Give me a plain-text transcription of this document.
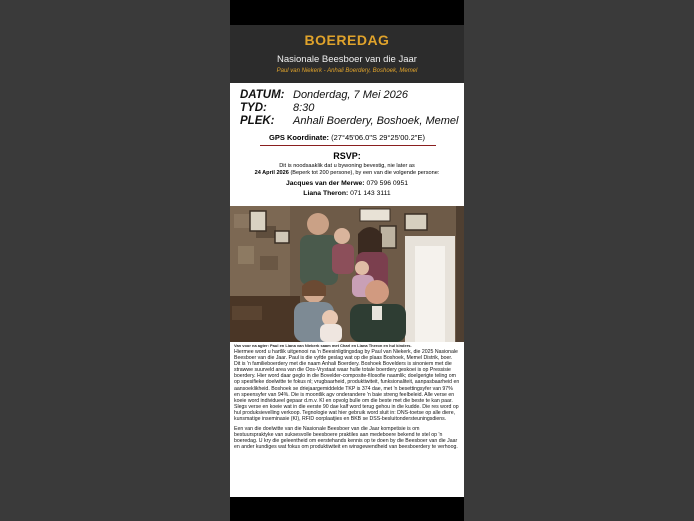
BOEREDAG
Nasionale Beesboer van die Jaar
Paul van Niekerk - Anhali Boerdery, Boshoek, Memel
DATUM: Donderdag, 7 Mei 2026
TYD:	8:30
PLEK:	Anhali Boerdery, Boshoek, Memel
GPS Koordinate: (27°45'06.0"S 29°25'00.2"E)
RSVP:
Dit is noodsaaklik dat u bywoning bevestig, nie later as
24 April 2026 (Beperk tot 200 persone), by een van die volgende persone:
Jacques van der Merwe: 079 596 0951
Liana Theron: 071 143 3111
Van voor na agter: Paul en Liana van Niekerk saam met Charl en Liana Theron en hul kinders.

Hiermee word u hartlik uitgenooi na 'n Beesinligtingsdag by Paul van Niekerk, die 2025 Nasionale Beesboer van die Jaar. Paul is die vyfde geslag wat op die plaas Boshoek, Memel Distrik, boer. Dit is 'n familieboerdery met die naam Anhali Boerdery. Boshoek Bovelders is sinoniem met die strawwe suurveld area van die Oos-Vrystaat waar hulle totale boerdery geskoei is op Pressisie boerdery. Hier word daar geglo in die Bovelder-composite-filosofie naamlik; doelgerigte teling om op spesifieke doelwitte te fokus nl; vrugbaarheid, produktiwiteit, funksionaliteit, aanpasbaarheid en aansoeklikheid. Boshoek se driejaargemiddelde TKP is 374 dae, met 'n besettingsyfer van 97% en speensyfer van 94%. Die is moontlik agv onderandere 'n baie streng feelbeleid. Alle verse en koeie word individueel gepaar d.m.v. KI en opvolg bulle om die beste met die beste te kan paar. Slegs verse en koeie wat in die eerste 90 dae kalf word terug gehou in die kudde. Die res word op hul produksievelling verkoop. Tegnologie wat hier gebruik word sluit in: DNS-toetse op alle diere, kunsmatige inseminasie (KI), RFID oorplaatjies en BKB se DSS-besluitondersteuningsdiens.

Een van die doelwitte van die Nasionale Beesboer van die Jaar kompetisie is om bestuurspraktyke van suksesvolle beesboere praktiles aan medeboere bekend te stel op 'n boeredag. U kry die geleentheid om eerstehands kennis op te doen by die Beesboer van die Jaar en ander kundiges wat fokus om produktiwiteit en winsgewendheid van beesboerdery te verhoog.
